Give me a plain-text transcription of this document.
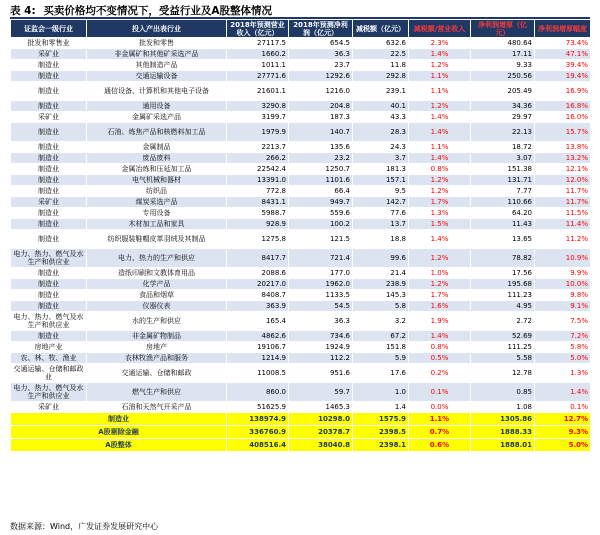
表 4: 买卖价格均不变情况下，受益行业及A股整体情况
证监会一级行业	投入产出表行业	2018年预测营业收入（亿元）	2018年预测净利润（亿元）	减税额（亿元）	减税额/营业收入	净利润增厚（亿元）	净利润增厚幅度
批发和零售业	批发和零售	27117.5	654.5	632.6	2.3%	480.64	73.4%
采矿业	非金属矿和其他矿采选产品	1660.2	36.3	22.5	1.4%	17.11	47.1%
制造业	其他制造产品	1011.1	23.7	11.8	1.2%	9.33	39.4%
制造业	交通运输设备	27771.6	1292.6	292.8	1.1%	250.56	19.4%
制造业	通信设备、计算机和其他电子设备	21601.1	1216.0	239.1	1.1%	205.49	16.9%
制造业	通用设备	3290.8	204.8	40.1	1.2%	34.36	16.8%
采矿业	金属矿采选产品	3199.7	187.3	43.3	1.4%	29.97	16.0%
制造业	石油、炼焦产品和核燃料加工品	1979.9	140.7	28.3	1.4%	22.13	15.7%
制造业	金属制品	2213.7	135.6	24.3	1.1%	18.72	13.8%
制造业	废品废料	266.2	23.2	3.7	1.4%	3.07	13.2%
制造业	金属冶炼和压延加工品	22542.4	1250.7	181.3	0.8%	151.38	12.1%
制造业	电气机械和器材	13391.0	1101.6	157.1	1.2%	131.71	12.0%
制造业	纺织品	772.8	66.4	9.5	1.2%	7.77	11.7%
采矿业	煤炭采选产品	8431.1	949.7	142.7	1.7%	110.66	11.7%
制造业	专用设备	5988.7	559.6	77.6	1.3%	64.20	11.5%
制造业	木材加工品和家具	928.9	100.2	13.7	1.5%	11.43	11.4%
制造业	纺织服装鞋帽皮革羽绒及其制品	1275.8	121.5	18.8	1.4%	13.65	11.2%
电力、热力、燃气及水生产和供应业	电力、热力的生产和供应	8417.7	721.4	99.6	1.2%	78.82	10.9%
制造业	造纸印刷和文教体育用品	2088.6	177.0	21.4	1.0%	17.56	9.9%
制造业	化学产品	20217.0	1962.0	238.9	1.2%	195.68	10.0%
制造业	食品和烟草	8408.7	1133.5	145.3	1.7%	111.23	9.8%
制造业	仪器仪表	363.9	54.5	5.8	1.6%	4.95	9.1%
电力、热力、燃气及水生产和供应业	水的生产和供应	165.4	36.3	3.2	1.9%	2.72	7.5%
制造业	非金属矿物制品	4862.6	734.6	67.2	1.4%	52.69	7.2%
房地产业	房地产	19106.7	1924.9	151.8	0.8%	111.25	5.8%
农、林、牧、渔业	农林牧渔产品和服务	1214.9	112.2	5.9	0.5%	5.58	5.0%
交通运输、仓储和邮政业	交通运输、仓储和邮政	11008.5	951.6	17.6	0.2%	12.78	1.3%
电力、热力、燃气及水生产和供应业	燃气生产和供应	860.0	59.7	1.0	0.1%	0.85	1.4%
采矿业	石油和天然气开采产品	51625.9	1465.3	1.4	0.0%	1.08	0.1%
制造业		138974.9	10298.0	1575.9	1.1%	1305.86	12.7%
A股剔除金融		336760.9	20378.7	2398.5	0.7%	1888.33	9.3%
A股整体		408516.4	38040.8	2398.1	0.6%	1888.01	5.0%
数据来源：Wind，广发证券发展研究中心
